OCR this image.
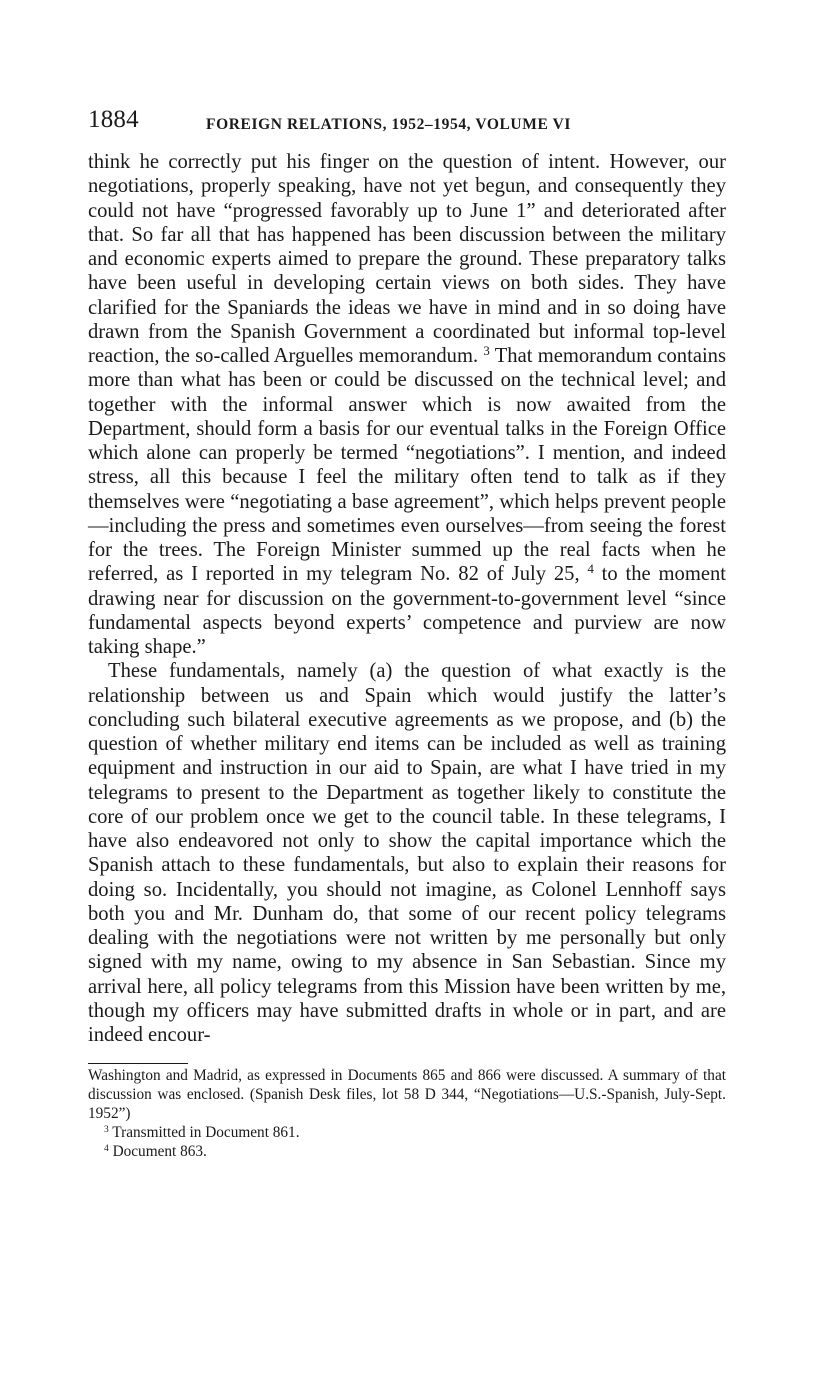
1884	FOREIGN RELATIONS, 1952–1954, VOLUME VI

think he correctly put his finger on the question of intent. However, our negotiations, properly speaking, have not yet begun, and consequently they could not have “progressed favorably up to June 1” and deteriorated after that. So far all that has happened has been discussion between the military and economic experts aimed to prepare the ground. These preparatory talks have been useful in developing certain views on both sides. They have clarified for the Spaniards the ideas we have in mind and in so doing have drawn from the Spanish Government a coordinated but informal top-level reaction, the so-called Arguelles memorandum. $^3$ That memorandum contains more than what has been or could be discussed on the technical level; and together with the informal answer which is now awaited from the Department, should form a basis for our eventual talks in the Foreign Office which alone can properly be termed “negotiations”. I mention, and indeed stress, all this because I feel the military often tend to talk as if they themselves were “negotiating a base agreement”, which helps prevent people—including the press and sometimes even ourselves—from seeing the forest for the trees. The Foreign Minister summed up the real facts when he referred, as I reported in my telegram No. 82 of July 25, $^4$ to the moment drawing near for discussion on the government-to-government level “since fundamental aspects beyond experts’ competence and purview are now taking shape.”

These fundamentals, namely (a) the question of what exactly is the relationship between us and Spain which would justify the latter’s concluding such bilateral executive agreements as we propose, and (b) the question of whether military end items can be included as well as training equipment and instruction in our aid to Spain, are what I have tried in my telegrams to present to the Department as together likely to constitute the core of our problem once we get to the council table. In these telegrams, I have also endeavored not only to show the capital importance which the Spanish attach to these fundamentals, but also to explain their reasons for doing so. Incidentally, you should not imagine, as Colonel Lennhoff says both you and Mr. Dunham do, that some of our recent policy telegrams dealing with the negotiations were not written by me personally but only signed with my name, owing to my absence in San Sebastian. Since my arrival here, all policy telegrams from this Mission have been written by me, though my officers may have submitted drafts in whole or in part, and are indeed encour-

Washington and Madrid, as expressed in Documents 865 and 866 were discussed. A summary of that discussion was enclosed. (Spanish Desk files, lot 58 D 344, “Negotiations—U.S.-Spanish, July-Sept. 1952”)

$^3$ Transmitted in Document 861.

$^4$ Document 863.
